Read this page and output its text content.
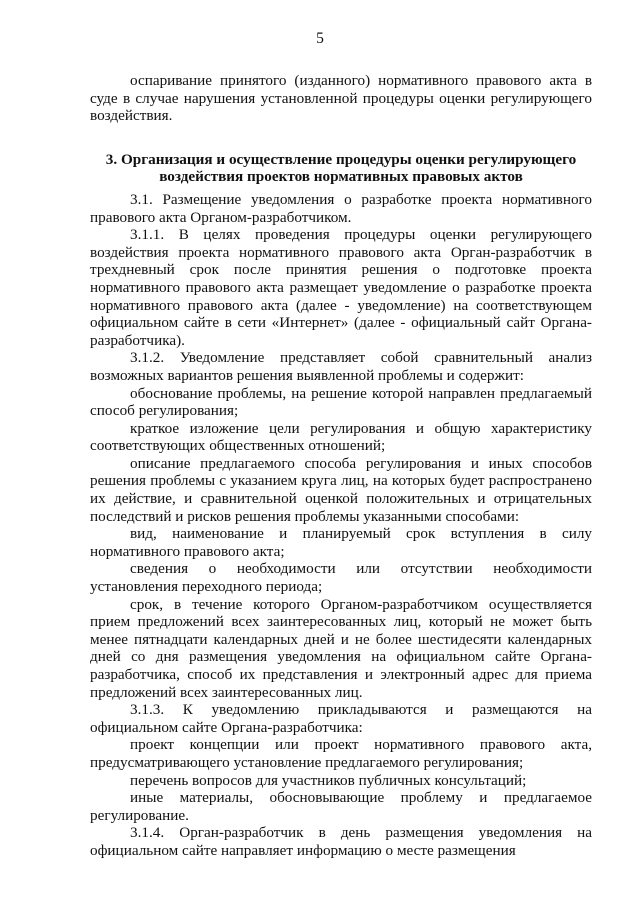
5

оспаривание принятого (изданного) нормативного правового акта в суде в случае нарушения установленной процедуры оценки регулирующего воздействия.

3. Организация и осуществление процедуры оценки регулирующего воздействия проектов нормативных правовых актов

3.1. Размещение уведомления о разработке проекта нормативного правового акта Органом-разработчиком.

3.1.1. В целях проведения процедуры оценки регулирующего воздействия проекта нормативного правового акта Орган-разработчик в трехдневный срок после принятия решения о подготовке проекта нормативного правового акта размещает уведомление о разработке проекта нормативного правового акта (далее - уведомление) на соответствующем официальном сайте в сети «Интернет» (далее - официальный сайт Органа-разработчика).

3.1.2. Уведомление представляет собой сравнительный анализ возможных вариантов решения выявленной проблемы и содержит:

обоснование проблемы, на решение которой направлен предлагаемый способ регулирования;

краткое изложение цели регулирования и общую характеристику соответствующих общественных отношений;

описание предлагаемого способа регулирования и иных способов решения проблемы с указанием круга лиц, на которых будет распространено их действие, и сравнительной оценкой положительных и отрицательных последствий и рисков решения проблемы указанными способами:

вид, наименование и планируемый срок вступления в силу нормативного правового акта;

сведения о необходимости или отсутствии необходимости установления переходного периода;

срок, в течение которого Органом-разработчиком осуществляется прием предложений всех заинтересованных лиц, который не может быть менее пятнадцати календарных дней и не более шестидесяти календарных дней со дня размещения уведомления на официальном сайте Органа-разработчика, способ их представления и электронный адрес для приема предложений всех заинтересованных лиц.

3.1.3. К уведомлению прикладываются и размещаются на официальном сайте Органа-разработчика:

проект концепции или проект нормативного правового акта, предусматривающего установление предлагаемого регулирования;

перечень вопросов для участников публичных консультаций;

иные материалы, обосновывающие проблему и предлагаемое регулирование.

3.1.4. Орган-разработчик в день размещения уведомления на официальном сайте направляет информацию о месте размещения
